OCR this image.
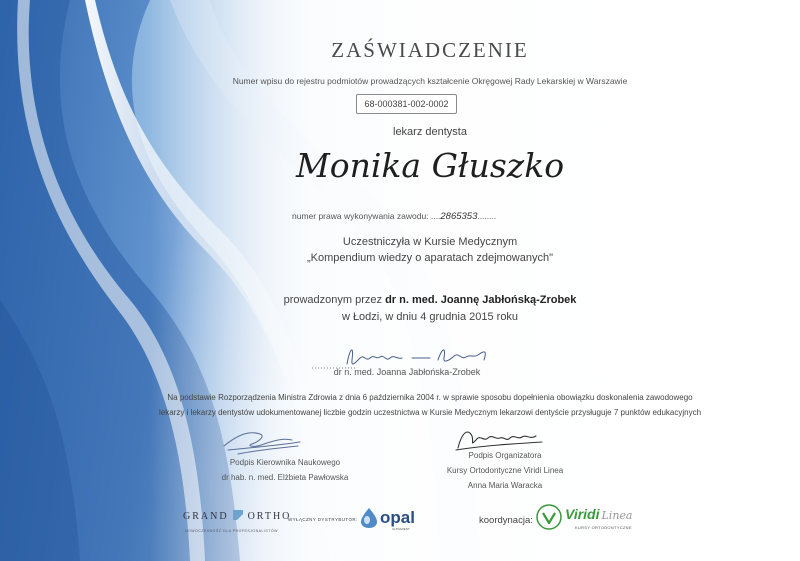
ZAŚWIADCZENIE
Numer wpisu do rejestru podmiotów prowadzących kształcenie Okręgowej Rady Lekarskiej w Warszawie
68-000381-002-0002
lekarz dentysta
Monika Głuszko
numer prawa wykonywania zawodu: ....2865353........
Uczestniczyła w Kursie Medycznym
„Kompendium wiedzy o aparatach zdejmowanych"
prowadzonym przez dr n. med. Joannę Jabłońską-Zrobek
w Łodzi, w dniu 4 grudnia 2015 roku
dr n. med. Joanna Jabłońska-Zrobek
Na podstawie Rozporządzenia Ministra Zdrowia z dnia 6 października 2004 r. w sprawie sposobu dopełnienia obowiązku doskonalenia zawodowego
lekarzy i lekarzy dentystów udokumentowanej liczbie godzin uczestnictwa w Kursie Medycznym lekarzowi dentyście przysługuje 7 punktów edukacyjnych
Podpis Kierownika Naukowego
dr hab. n. med. Elżbieta Pawłowska
Podpis Organizatora
Kursy Ortodontyczne Viridi Linea
Anna Maria Waracka
GRAND ORTHO
NOWOCZESNOŚĆ DLA PROFESJONALISTÓW
WYŁĄCZNY DYSTRYBUTOR: opal
ULTRADENT
koordynacja: Viridi Linea
KURSY ORTODONTYCZNE
